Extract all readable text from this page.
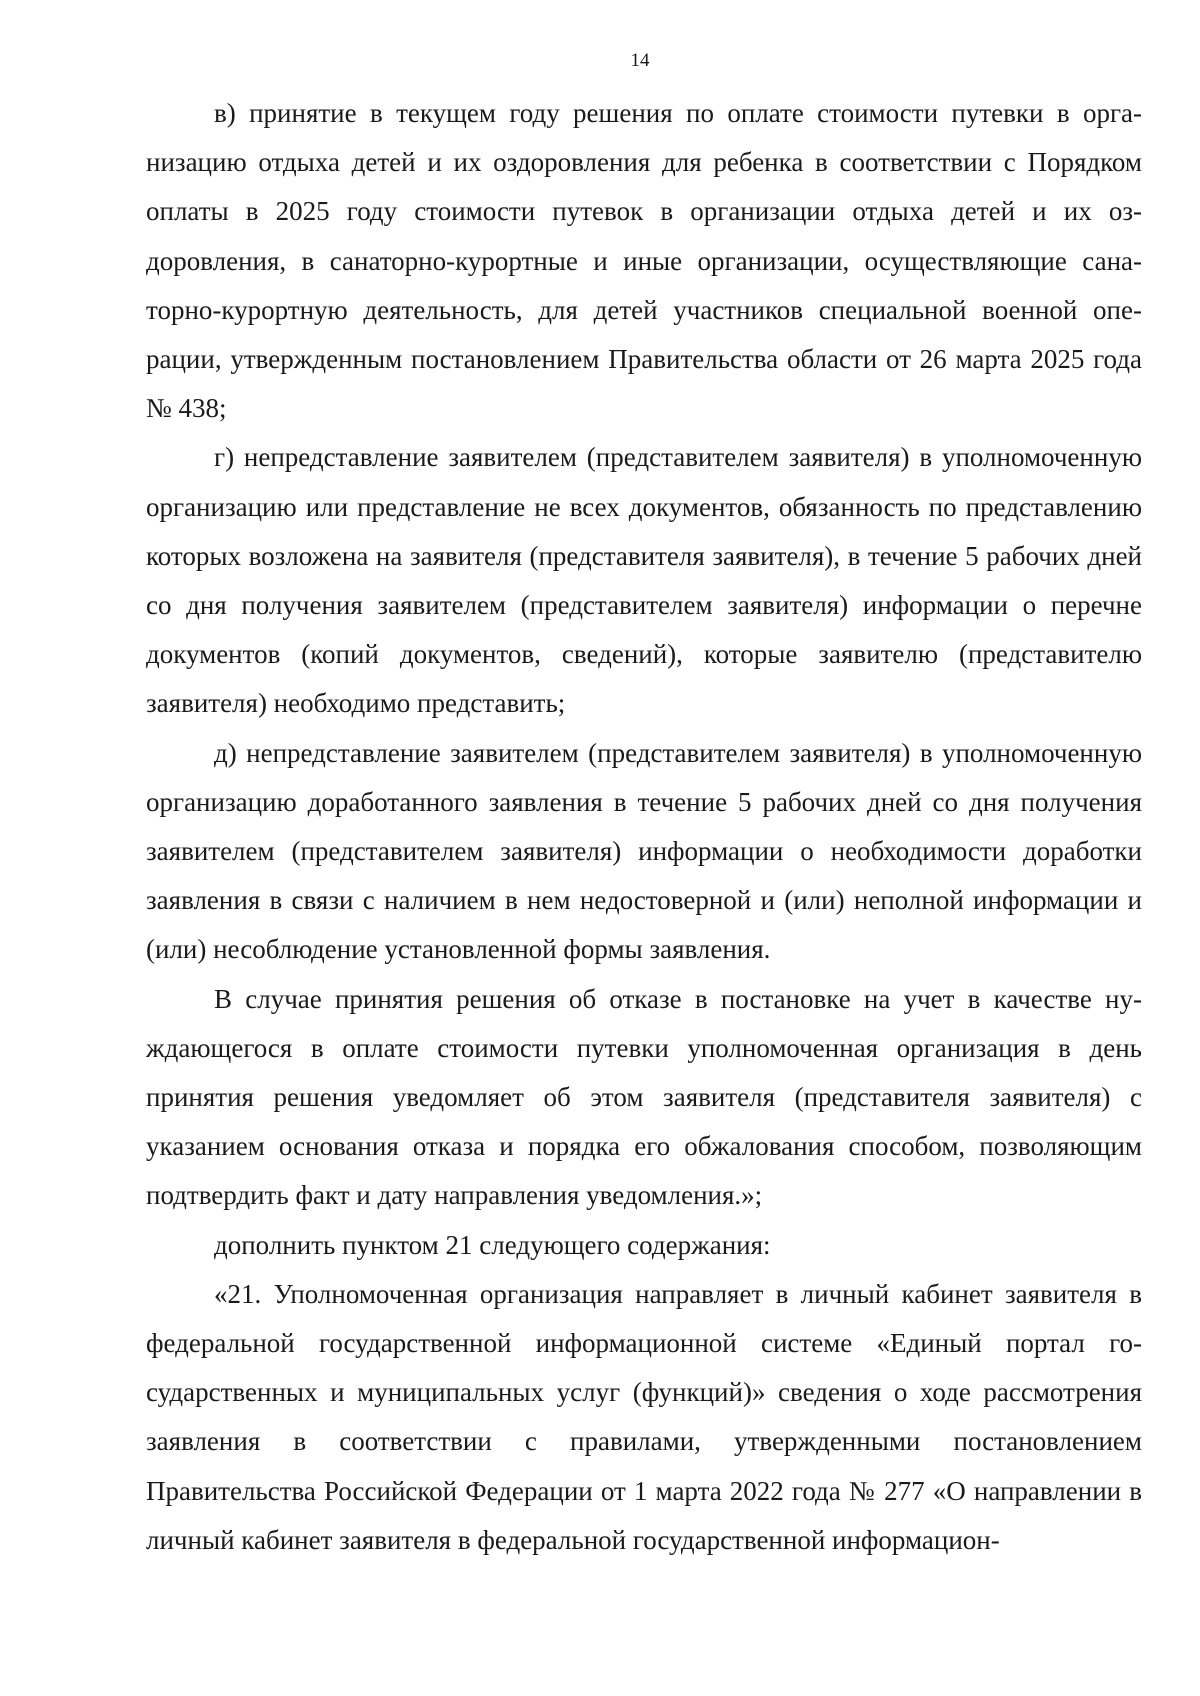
14

в) принятие в текущем году решения по оплате стоимости путевки в организацию отдыха детей и их оздоровления для ребенка в соответствии с Порядком оплаты в 2025 году стоимости путевок в организации отдыха детей и их оздоровления, в санаторно-курортные и иные организации, осуществляющие санаторно-курортную деятельность, для детей участников специальной военной операции, утвержденным постановлением Правительства области от 26 марта 2025 года № 438;

г) непредставление заявителем (представителем заявителя) в уполномоченную организацию или представление не всех документов, обязанность по представлению которых возложена на заявителя (представителя заявителя), в течение 5 рабочих дней со дня получения заявителем (представителем заявителя) информации о перечне документов (копий документов, сведений), которые заявителю (представителю заявителя) необходимо представить;

д) непредставление заявителем (представителем заявителя) в уполномоченную организацию доработанного заявления в течение 5 рабочих дней со дня получения заявителем (представителем заявителя) информации о необходимости доработки заявления в связи с наличием в нем недостоверной и (или) неполной информации и (или) несоблюдение установленной формы заявления.

В случае принятия решения об отказе в постановке на учет в качестве нуждающегося в оплате стоимости путевки уполномоченная организация в день принятия решения уведомляет об этом заявителя (представителя заявителя) с указанием основания отказа и порядка его обжалования способом, позволяющим подтвердить факт и дату направления уведомления.»;

дополнить пунктом 21 следующего содержания:

«21. Уполномоченная организация направляет в личный кабинет заявителя в федеральной государственной информационной системе «Единый портал государственных и муниципальных услуг (функций)» сведения о ходе рассмотрения заявления в соответствии с правилами, утвержденными постановлением Правительства Российской Федерации от 1 марта 2022 года № 277 «О направлении в личный кабинет заявителя в федеральной государственной информацион-
